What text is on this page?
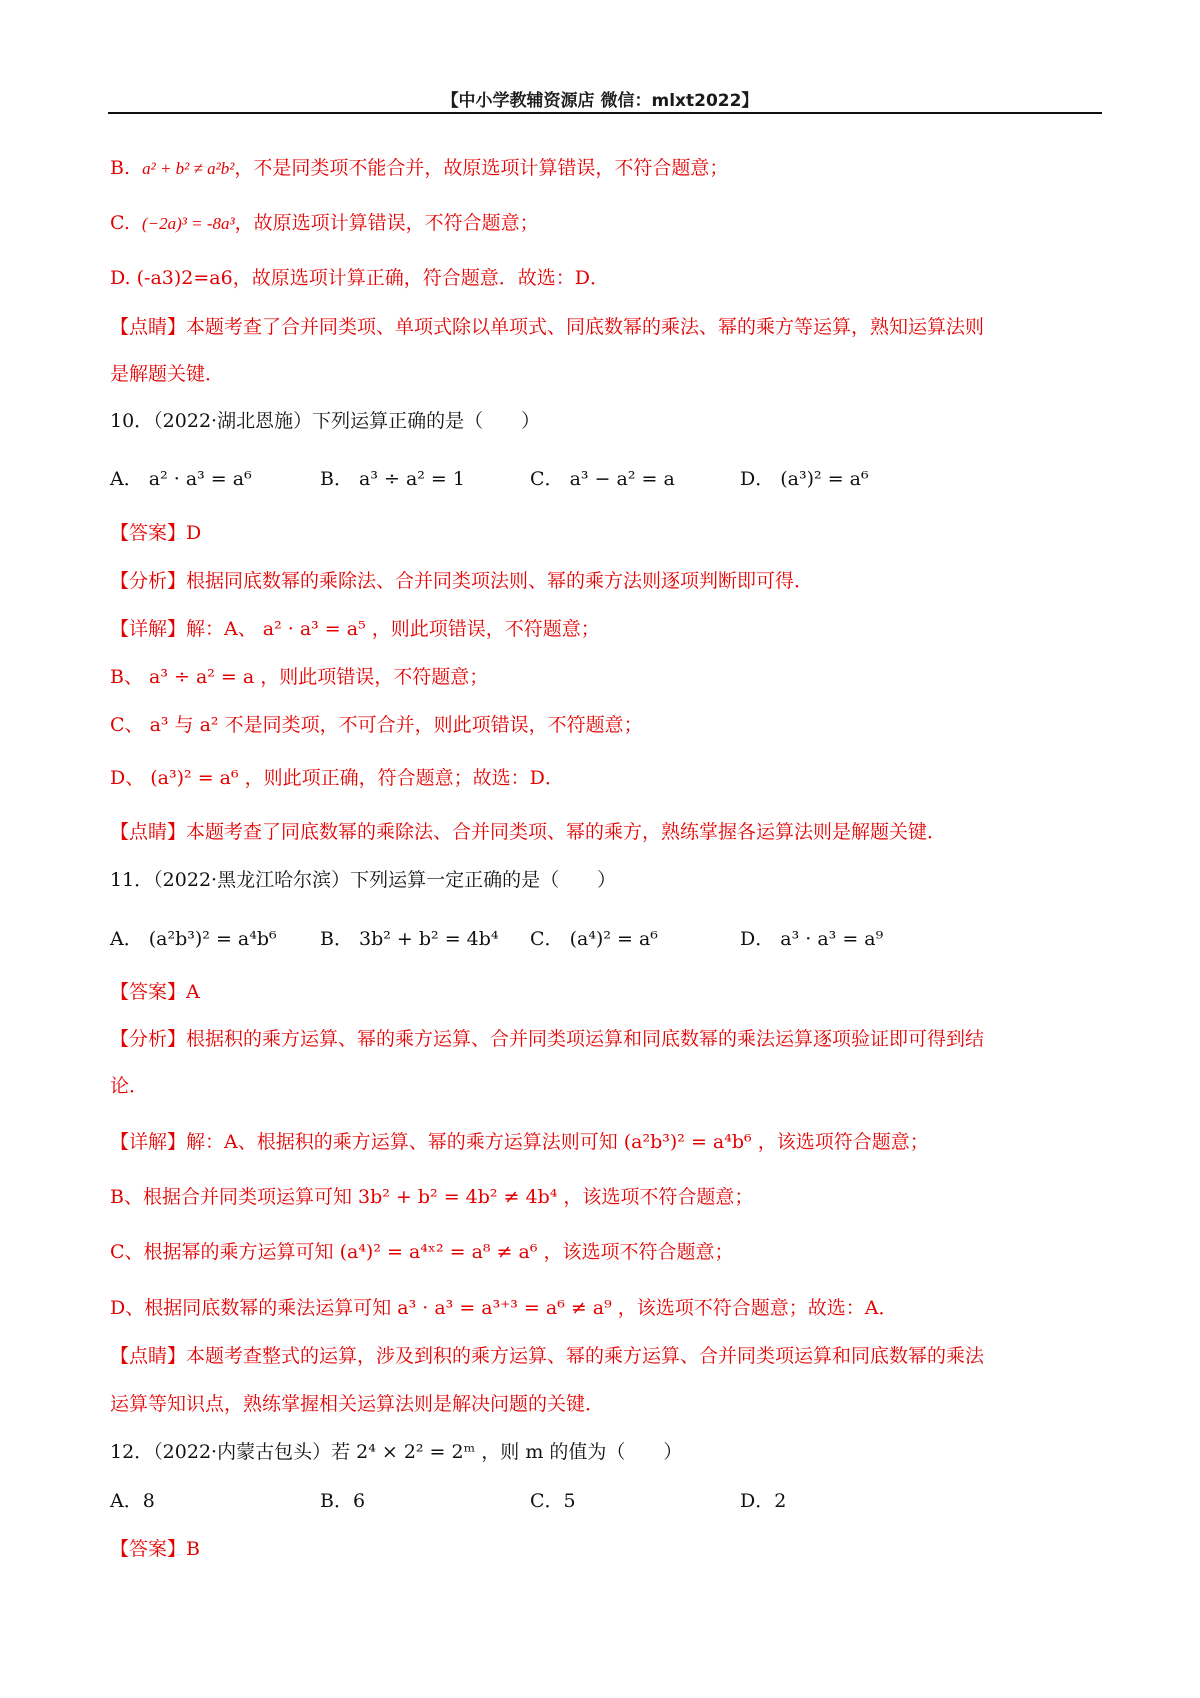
【中小学教辅资源店 微信：mlxt2022】
B. a² + b² ≠ a²b²，不是同类项不能合并，故原选项计算错误，不符合题意；
C. (−2a)³ = -8a³，故原选项计算错误，不符合题意；
D. (-a3)2=a6，故原选项计算正确，符合题意．故选：D．
【点睛】本题考查了合并同类项、单项式除以单项式、同底数幂的乘法、幂的乘方等运算，熟知运算法则
是解题关键．
10．（2022·湖北恩施）下列运算正确的是（　　）
A． a² · a³ = a⁶	B． a³ ÷ a² = 1	C． a³ − a² = a	D． (a³)² = a⁶
【答案】D
【分析】根据同底数幂的乘除法、合并同类项法则、幂的乘方法则逐项判断即可得．
【详解】解：A、 a² · a³ = a⁵ ，则此项错误，不符题意；
B、 a³ ÷ a² = a ，则此项错误，不符题意；
C、 a³ 与 a² 不是同类项，不可合并，则此项错误，不符题意；
D、 (a³)² = a⁶ ，则此项正确，符合题意；故选：D．
【点睛】本题考查了同底数幂的乘除法、合并同类项、幂的乘方，熟练掌握各运算法则是解题关键．
11．（2022·黑龙江哈尔滨）下列运算一定正确的是（　　）
A． (a²b³)² = a⁴b⁶ B． 3b² + b² = 4b⁴ C． (a⁴)² = a⁶	D． a³ · a³ = a⁹
【答案】A
【分析】根据积的乘方运算、幂的乘方运算、合并同类项运算和同底数幂的乘法运算逐项验证即可得到结
论．
【详解】解：A、根据积的乘方运算、幂的乘方运算法则可知 (a²b³)² = a⁴b⁶ ，该选项符合题意；
B、根据合并同类项运算可知 3b² + b² = 4b² ≠ 4b⁴ ，该选项不符合题意；
C、根据幂的乘方运算可知 (a⁴)² = a⁴ˣ² = a⁸ ≠ a⁶ ，该选项不符合题意；
D、根据同底数幂的乘法运算可知 a³ · a³ = a³⁺³ = a⁶ ≠ a⁹ ，该选项不符合题意；故选：A．
【点睛】本题考查整式的运算，涉及到积的乘方运算、幂的乘方运算、合并同类项运算和同底数幂的乘法
运算等知识点，熟练掌握相关运算法则是解决问题的关键．
12．（2022·内蒙古包头）若 2⁴ × 2² = 2ᵐ ，则 m 的值为（　　）
A．8	B．6	C．5	D．2
【答案】B
